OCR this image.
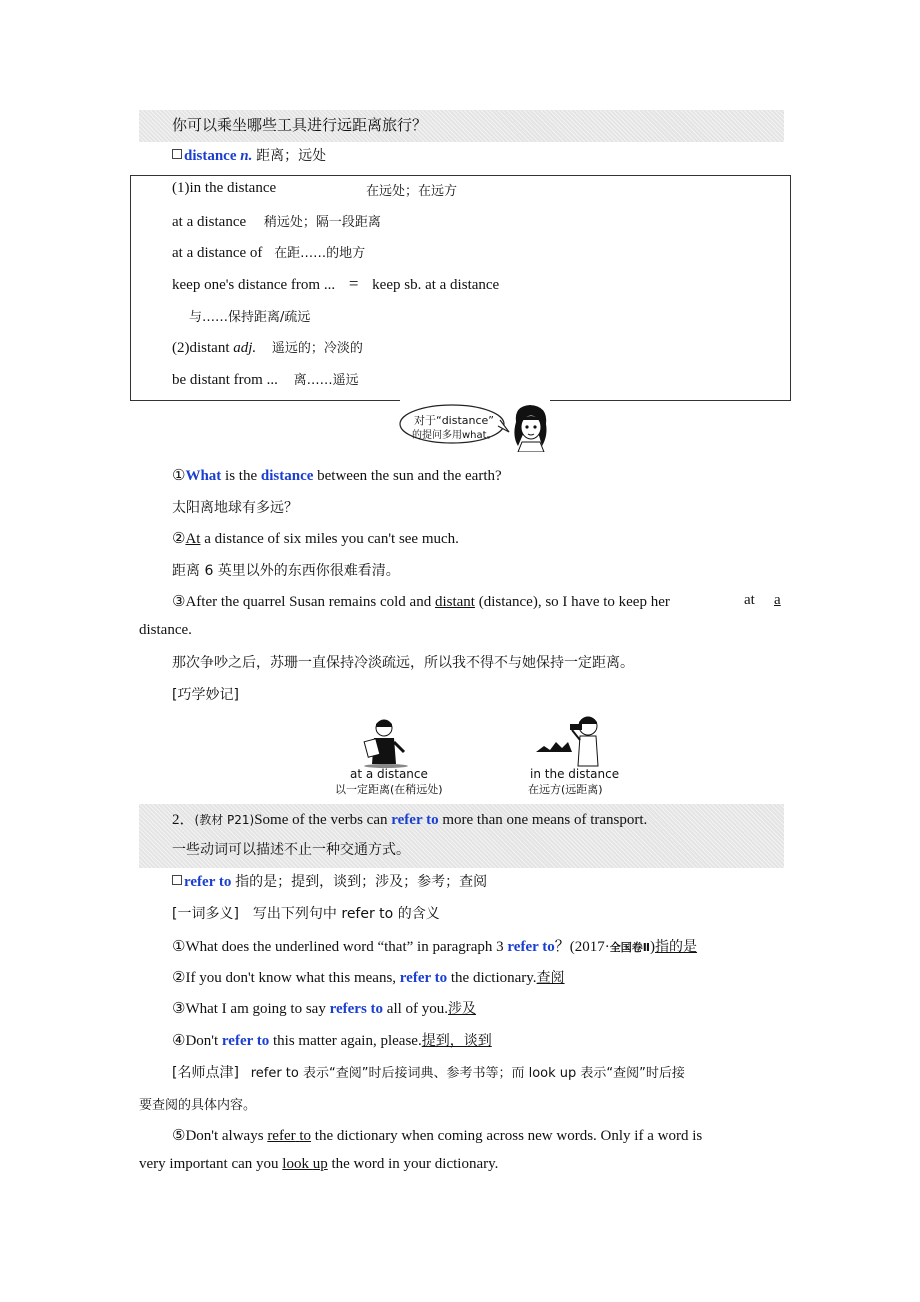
你可以乘坐哪些工具进行远距离旅行？
distance n. 距离；远处
(1)in the distance	在远处；在远方
at a distance 稍远处；隔一段距离
at a distance of 在距……的地方
keep one's distance from ... = keep sb. at a distance
与……保持距离/疏远
(2)distant adj. 遥远的；冷淡的
be distant from ... 离……遥远
对于“distance”
的提问多用what。
①What is the distance between the sun and the earth?
太阳离地球有多远？
②At a distance of six miles you can't see much.
距离 6 英里以外的东西你很难看清。
③After the quarrel Susan remains cold and distant (distance), so I have to keep her	at a
distance.
那次争吵之后，苏珊一直保持冷淡疏远，所以我不得不与她保持一定距离。
[巧学妙记]
at a distance
以一定距离(在稍远处)
in the distance
在远方(远距离)
2．(教材 P21)Some of the verbs can refer to more than one means of transport.
一些动词可以描述不止一种交通方式。
refer to 指的是；提到，谈到；涉及；参考；查阅
[一词多义]　写出下列句中 refer to 的含义
①What does the underlined word “that” in paragraph 3 refer to？(2017·全国卷Ⅱ)指的是
②If you don't know what this means, refer to the dictionary.查阅
③What I am going to say refers to all of you.涉及
④Don't refer to this matter again, please.提到，谈到
[名师点津] refer to 表示“查阅”时后接词典、参考书等；而 look up 表示“查阅”时后接
要查阅的具体内容。
⑤Don't always refer to the dictionary when coming across new words. Only if a word is
very important can you look up the word in your dictionary.
